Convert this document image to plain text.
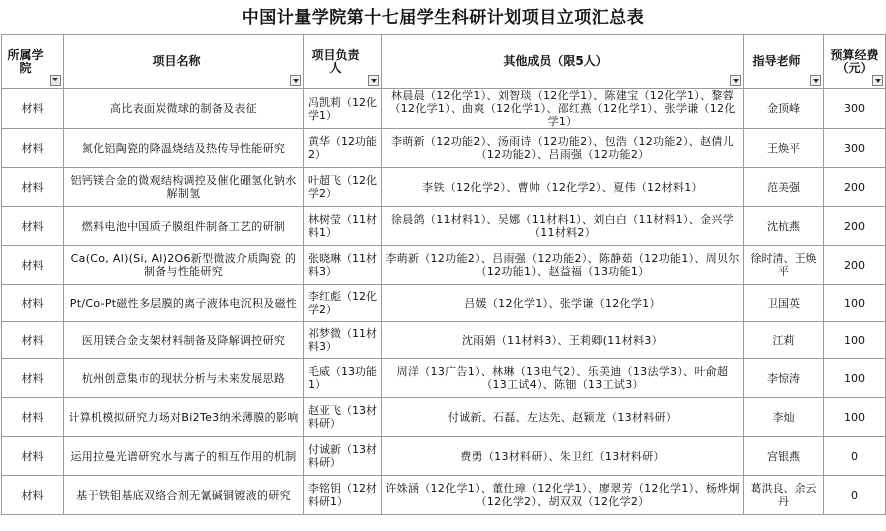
中国计量学院第十七届学生科研计划项目立项汇总表
所属学院	项目名称	项目负责人	其他成员（限5人）	指导老师	预算经费（元）

材料	高比表面炭微球的制备及表征	冯凯莉（12化学1）	林晨晨（12化学1）、刘智琰（12化学1）、陈建宝（12化学1）、黎蓉（12化学1）、曲爽（12化学1）、邵红燕（12化学1）、张学谦（12化学1）	金顶峰	300
材料	氮化铝陶瓷的降温烧结及热传导性能研究	黄华（12功能2）	李萌新（12功能2）、汤雨诗（12功能2）、包浩（12功能2）、赵倩儿（12功能2）、吕雨强（12功能2）	王焕平	300
材料	铝钙镁合金的微观结构调控及催化硼氢化钠水解制氢	叶超飞（12化学2）	李铁（12化学2）、曹帅（12化学2）、夏伟（12材料1）	范美强	200
材料	燃料电池中国质子膜组件制备工艺的研制	林树莹（11材料1）	徐晨鸽（11材料1）、吴娜（11材料1）、刘白白（11材料1）、金兴学（11材料2）	沈杭燕	200
材料	Ca(Co, Al)(Si, Al)2O6新型微波介质陶瓷 的制备与性能研究	张晓琳（11材料3）	李萌新（12功能2）、吕雨强（12功能2）、陈静茹（12功能1）、周贝尔（12功能1）、赵益福（13功能1）	徐时清、王焕平	200
材料	Pt/Co-Pt磁性多层膜的离子液体电沉积及磁性	李红彪（12化学2）	吕媛（12化学1）、张学谦（12化学1）	卫国英	100
材料	医用镁合金支架材料制备及降解调控研究	祁梦微（11材料3）	沈雨娟（11材料3）、王莉卿(11材料3）	江莉	100
材料	杭州创意集市的现状分析与未来发展思路	毛威（13功能1）	周洋（13广告1）、林琳（13电气2）、乐美迪（13法学3）、叶俞超（13工试4）、陈钿（13工试3）	李惊涛	100
材料	计算机模拟研究力场对Bi2Te3纳米薄膜的影响	赵亚飞（13材料研）	付诚新、石磊、左达先、赵颖龙（13材料研）	李灿	100
材料	运用拉曼光谱研究水与离子的相互作用的机制	付诚新（13材料研）	费勇（13材料研）、朱卫红（13材料研）	宫银燕	0
材料	基于铁钼基底双络合剂无氰碱铜镀液的研究	李铭钥（12材料研1）	许姝涵（12化学1）、董仕璋（12化学1）、廖翠芳（12化学1）、杨烨炯（12化学2）、胡双双（12化学2）	葛洪良、余云丹	0
